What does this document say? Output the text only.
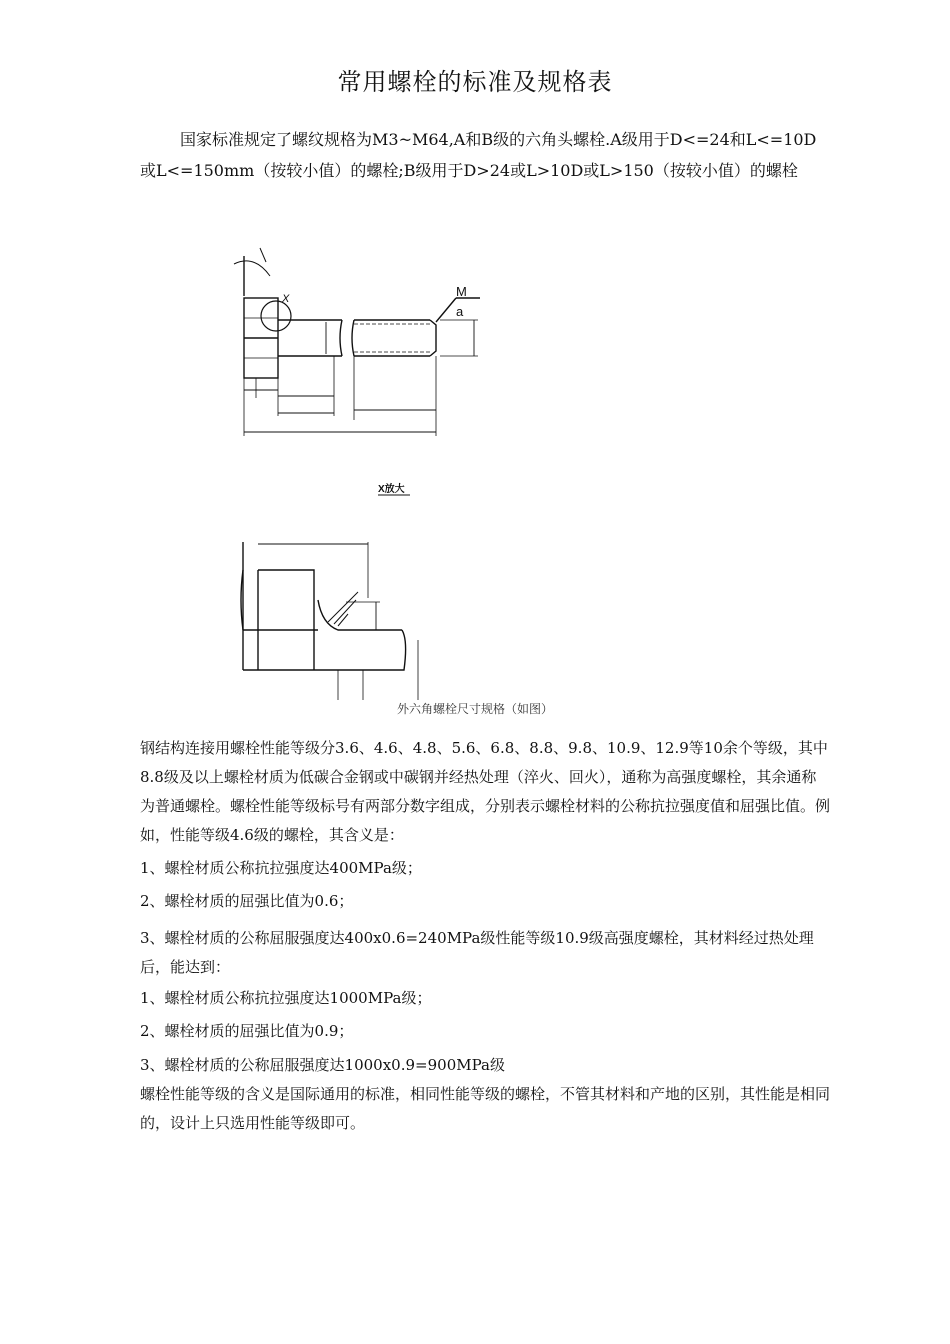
常用螺栓的标准及规格表
国家标准规定了螺纹规格为M3~M64,A和B级的六角头螺栓.A级用于D<=24和L<=10D或L<=150mm（按较小值）的螺栓;B级用于D>24或L>10D或L>150（按较小值）的螺栓
M
a
X
X放大
外六角螺栓尺寸规格（如图）

钢结构连接用螺栓性能等级分3.6、4.6、4.8、5.6、6.8、8.8、9.8、10.9、12.9等10余个等级，其中8.8级及以上螺栓材质为低碳合金钢或中碳钢并经热处理（淬火、回火），通称为高强度螺栓，其余通称为普通螺栓。螺栓性能等级标号有两部分数字组成，分别表示螺栓材料的公称抗拉强度值和屈强比值。例如，性能等级4.6级的螺栓，其含义是：

1、螺栓材质公称抗拉强度达400MPa级；

2、螺栓材质的屈强比值为0.6；

3、螺栓材质的公称屈服强度达400x0.6=240MPa级性能等级10.9级高强度螺栓，其材料经过热处理后，能达到：

1、螺栓材质公称抗拉强度达1000MPa级；

2、螺栓材质的屈强比值为0.9；

3、螺栓材质的公称屈服强度达1000x0.9=900MPa级

螺栓性能等级的含义是国际通用的标准，相同性能等级的螺栓，不管其材料和产地的区别，其性能是相同的，设计上只选用性能等级即可。
